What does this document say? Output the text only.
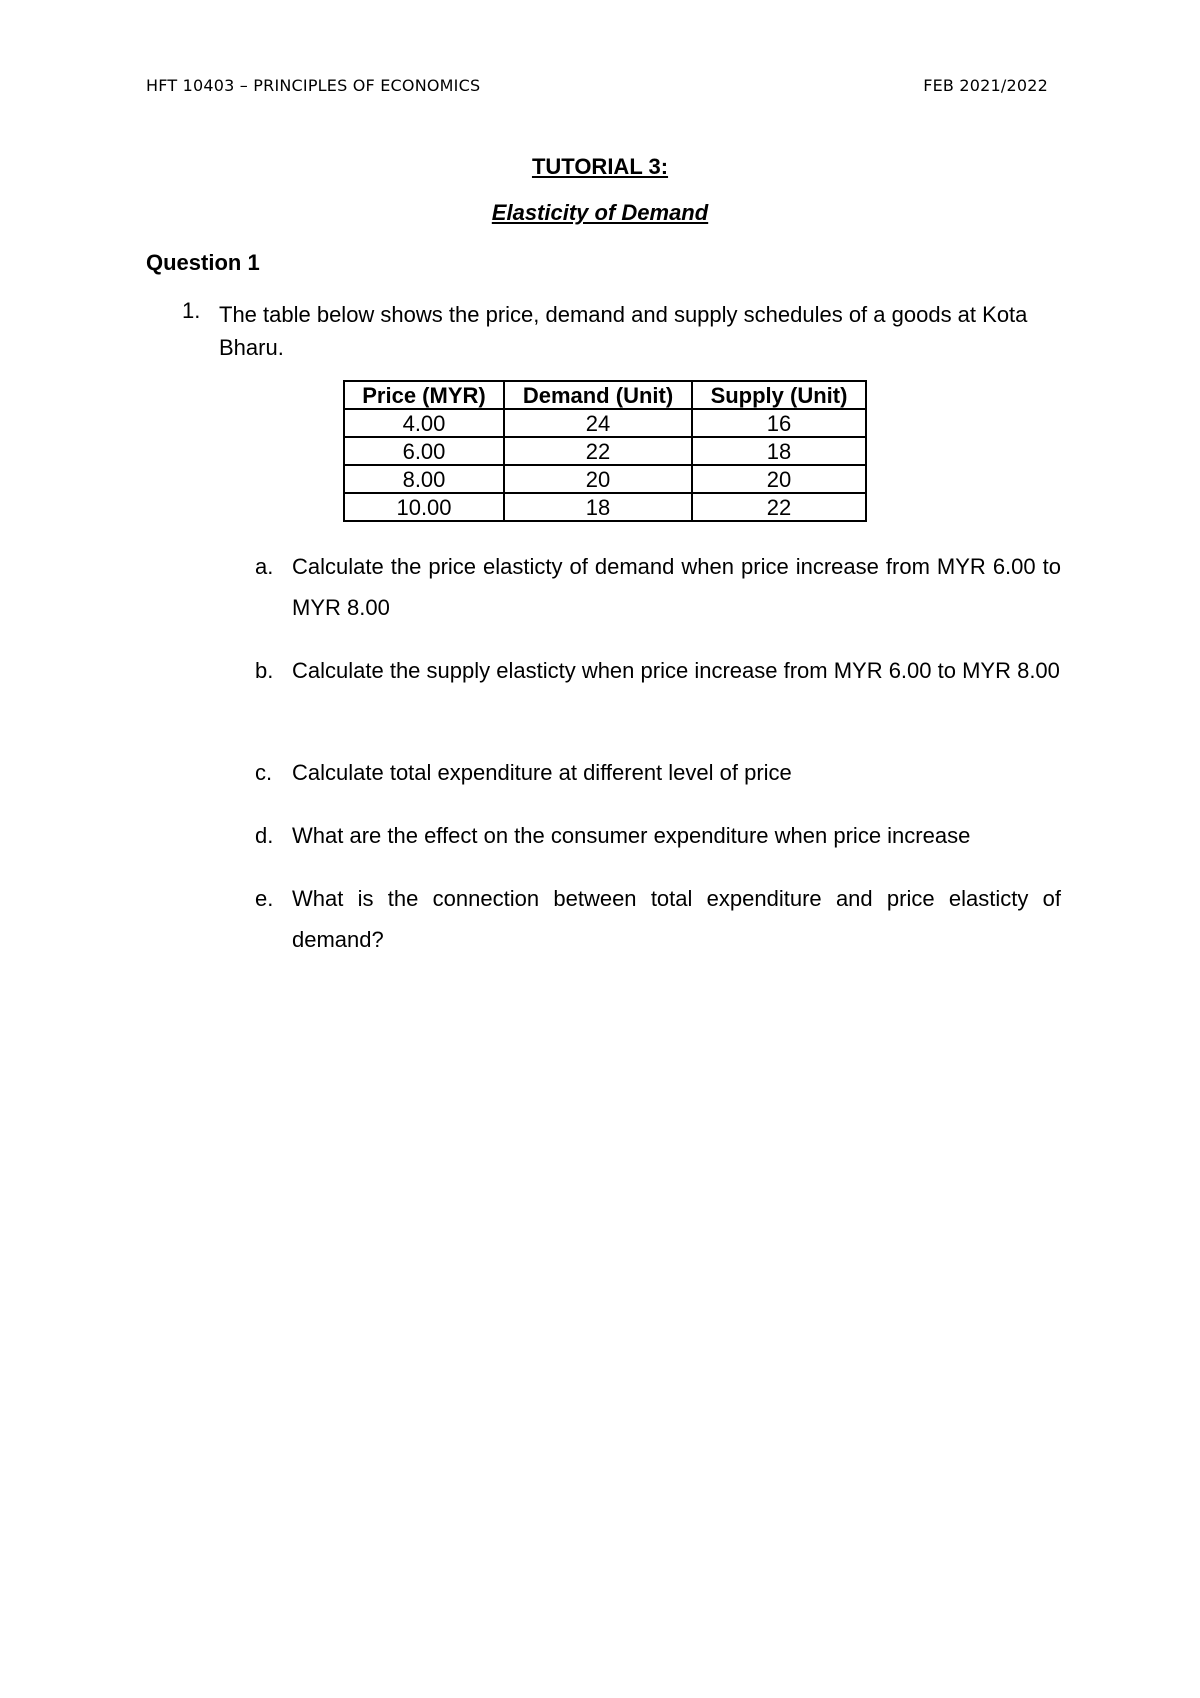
HFT 10403 – PRINCIPLES OF ECONOMICS	FEB 2021/2022
TUTORIAL 3:
Elasticity of Demand
Question 1
1. The table below shows the price, demand and supply schedules of a goods at Kota Bharu.
Price (MYR)	Demand (Unit)	Supply (Unit)
4.00	24	16
6.00	22	18
8.00	20	20
10.00	18	22
a. Calculate the price elasticty of demand when price increase from MYR 6.00 to MYR 8.00
b. Calculate the supply elasticty when price increase from MYR 6.00 to MYR 8.00
c. Calculate total expenditure at different level of price
d. What are the effect on the consumer expenditure when price increase
e. What is the connection between total expenditure and price elasticty of demand?
